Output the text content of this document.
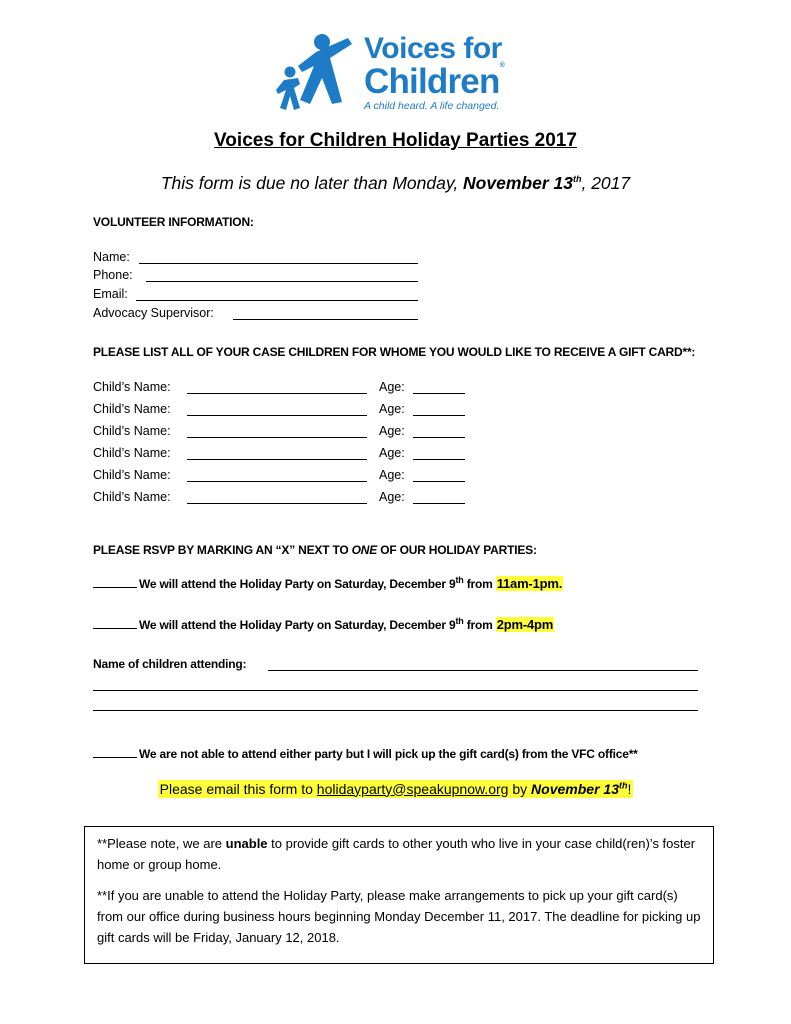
Voices for
Children®
A child heard. A life changed.
Voices for Children Holiday Parties 2017
This form is due no later than Monday, November 13th, 2017
VOLUNTEER INFORMATION:
Name:
Phone:
Email:
Advocacy Supervisor:
PLEASE LIST ALL OF YOUR CASE CHILDREN FOR WHOME YOU WOULD LIKE TO RECEIVE A GIFT CARD**:
Child’s Name:	Age:
Child’s Name:	Age:
Child’s Name:	Age:
Child’s Name:	Age:
Child’s Name:	Age:
Child’s Name:	Age:
PLEASE RSVP BY MARKING AN “X” NEXT TO ONE OF OUR HOLIDAY PARTIES:
We will attend the Holiday Party on Saturday, December 9th from 11am-1pm.
We will attend the Holiday Party on Saturday, December 9th from 2pm-4pm
Name of children attending:
We are not able to attend either party but I will pick up the gift card(s) from the VFC office**
Please email this form to holidayparty@speakupnow.org by November 13th!

**Please note, we are unable to provide gift cards to other youth who live in your case child(ren)’s foster home or group home.

**If you are unable to attend the Holiday Party, please make arrangements to pick up your gift card(s) from our office during business hours beginning Monday December 11, 2017. The deadline for picking up gift cards will be Friday, January 12, 2018.
